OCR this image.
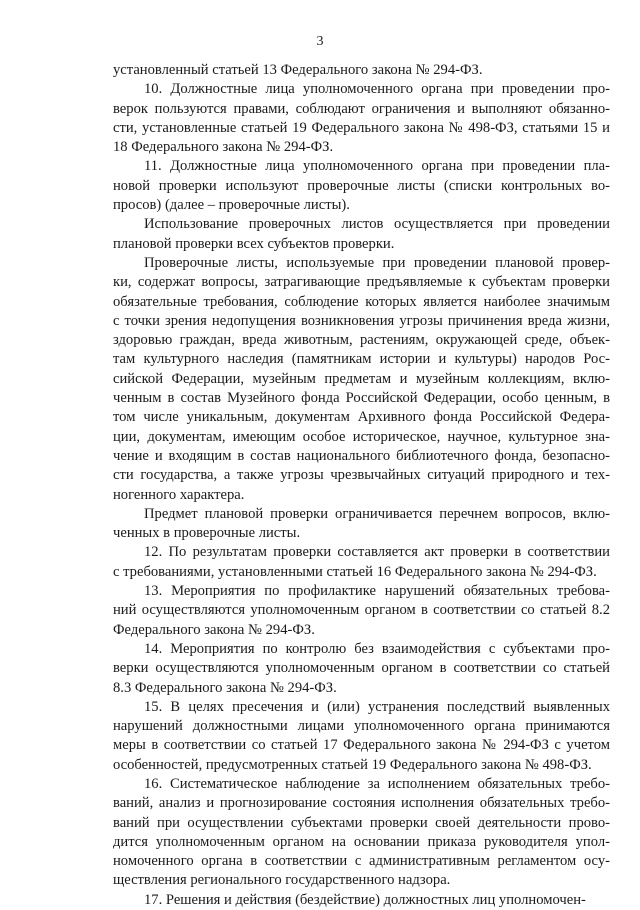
3

установленный статьей 13 Федерального закона № 294-ФЗ.

10. Должностные лица уполномоченного органа при проведении про-

верок пользуются правами, соблюдают ограничения и выполняют обязанно-

сти, установленные статьей 19 Федерального закона № 498-ФЗ, статьями 15 и

18 Федерального закона № 294-ФЗ.

11. Должностные лица уполномоченного органа при проведении пла-

новой проверки используют проверочные листы (списки контрольных во-

просов) (далее – проверочные листы).

Использование проверочных листов осуществляется при проведении

плановой проверки всех субъектов проверки.

Проверочные листы, используемые при проведении плановой провер-

ки, содержат вопросы, затрагивающие предъявляемые к субъектам проверки

обязательные требования, соблюдение которых является наиболее значимым

с точки зрения недопущения возникновения угрозы причинения вреда жизни,

здоровью граждан, вреда животным, растениям, окружающей среде, объек-

там культурного наследия (памятникам истории и культуры) народов Рос-

сийской Федерации, музейным предметам и музейным коллекциям, вклю-

ченным в состав Музейного фонда Российской Федерации, особо ценным, в

том числе уникальным, документам Архивного фонда Российской Федера-

ции, документам, имеющим особое историческое, научное, культурное зна-

чение и входящим в состав национального библиотечного фонда, безопасно-

сти государства, а также угрозы чрезвычайных ситуаций природного и тех-

ногенного характера.

Предмет плановой проверки ограничивается перечнем вопросов, вклю-

ченных в проверочные листы.

12. По результатам проверки составляется акт проверки в соответствии

с требованиями, установленными статьей 16 Федерального закона № 294-ФЗ.

13. Мероприятия по профилактике нарушений обязательных требова-

ний осуществляются уполномоченным органом в соответствии со статьей 8.2

Федерального закона № 294-ФЗ.

14. Мероприятия по контролю без взаимодействия с субъектами про-

верки осуществляются уполномоченным органом в соответствии со статьей

8.3 Федерального закона № 294-ФЗ.

15. В целях пресечения и (или) устранения последствий выявленных

нарушений должностными лицами уполномоченного органа принимаются

меры в соответствии со статьей 17 Федерального закона № 294-ФЗ с учетом

особенностей, предусмотренных статьей 19 Федерального закона № 498-ФЗ.

16. Систематическое наблюдение за исполнением обязательных требо-

ваний, анализ и прогнозирование состояния исполнения обязательных требо-

ваний при осуществлении субъектами проверки своей деятельности прово-

дится уполномоченным органом на основании приказа руководителя упол-

номоченного органа в соответствии с административным регламентом осу-

ществления регионального государственного надзора.

17. Решения и действия (бездействие) должностных лиц уполномочен-
